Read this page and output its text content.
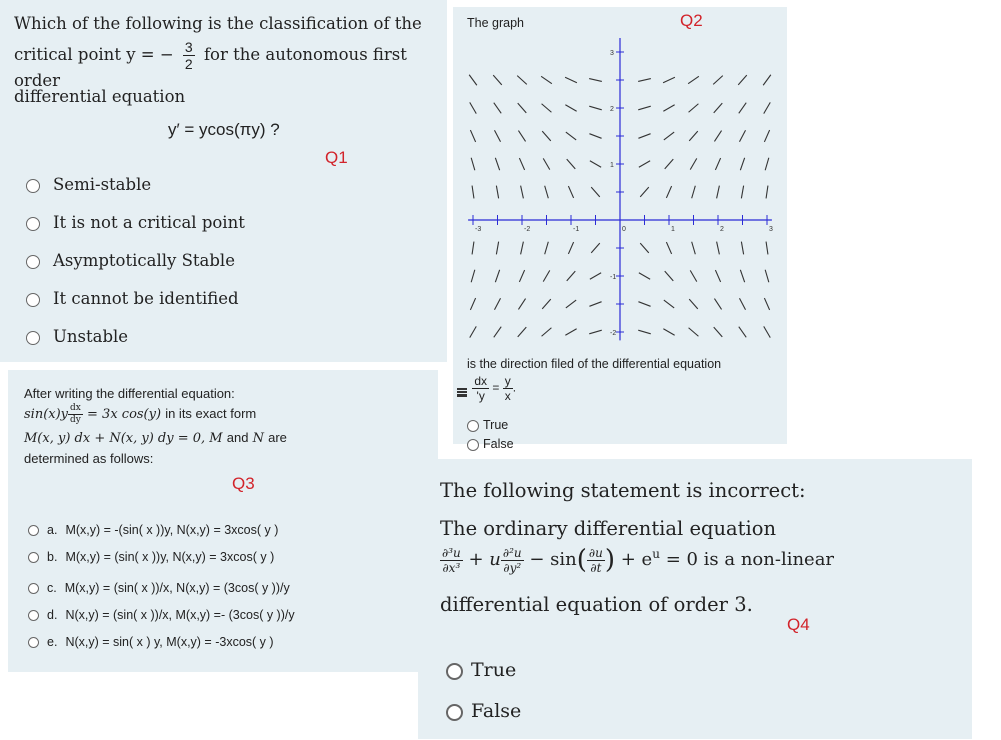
Which of the following is the classification of the
critical point y = − $\frac{3}{2}$ for the autonomous first order
differential equation
y′ = ycos(πy) ?
Q1
Semi-stable
It is not a critical point
Asymptotically Stable
It cannot be identified
Unstable
After writing the differential equation:
$\sin(x)y \frac{dx}{dy} = 3x$ cos(y) in its exact form
M(x, y) dx + N(x, y) dy = 0, M and N are
determined as follows:
Q3
a. M(x,y) = -(sin( x ))y, N(x,y) = 3xcos( y )
b. M(x,y) = (sin( x ))y, N(x,y) = 3xcos( y )
c. M(x,y) = (sin( x ))/x, N(x,y) = (3cos( y ))/y
d. N(x,y) = (sin( x ))/x, M(x,y) =- (3cos( y ))/y
e. N(x,y) = sin( x ) y, M(x,y) = -3xcos( y )
The graph	Q2
-3	-2	-1	0	1	2	3
3
2
1
-1
-2
is the direction filed of the differential equation

$\frac{dx}{'y} = \frac{y}{x}$ .
True
False
The following statement is incorrect:
The ordinary differential equation
$\frac{\text{∂³u}}{\text{∂x³}} + u \frac{\text{∂²u}}{\text{∂y²}} - \sin( \frac{\partial u}{\partial t}$ ) + $e^u = 0$ is a non-linear
differential equation of order 3.
Q4
True
False
